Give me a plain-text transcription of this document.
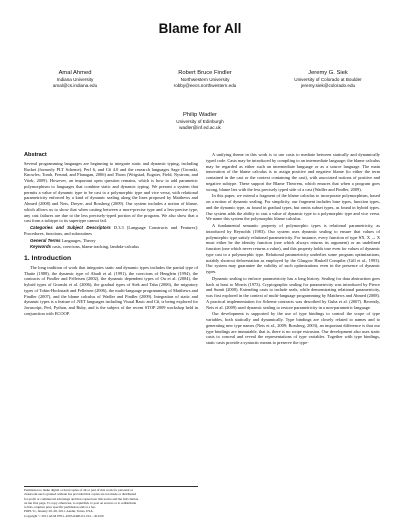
Blame for All
Amal Ahmed
Indiana University
amal@cs.indiana.edu
Robert Bruce Findler
Northwestern University
robby@eecs.northwestern.edu
Jeremy G. Siek
University of Colorado at Boulder
jeremy.siek@colorado.edu
Philip Wadler
University of Edinburgh
wadler@inf.ed.ac.uk
Abstract

Several programming languages are beginning to integrate static and dynamic typing, including Racket (formerly PLT Scheme), Perl 6, and C# 4.0 and the research languages Sage (Gronski, Knowles, Tomb, Freund, and Flanagan, 2006) and Thorn (Wrigstad, Eugster, Field, Nystrom, and Vitek, 2009). However, an important open question remains, which is how to add parametric polymorphism to languages that combine static and dynamic typing. We present a system that permits a value of dynamic type to be cast to a polymorphic type and vice versa, with relational parametricity enforced by a kind of dynamic sealing along the lines proposed by Matthews and Ahmed (2008) and Neis, Dreyer, and Rossberg (2009). Our system includes a notion of blame, which allows us to show that when casting between a more-precise type and a less-precise type, any cast failures are due to the less precisely-typed portion of the program. We also show that a cast from a subtype to its supertype cannot fail.

Categories and Subject Descriptors D.3.3 [Language Constructs and Features]: Procedures, functions, and subroutines

General Terms Languages, Theory

Keywords casts, coercions, blame tracking, lambda-calculus

1. Introduction

The long tradition of work that integrates static and dynamic types includes the partial type of Thatte (1988), the dynamic type of Abadi et al. (1991), the coercions of Henglein (1994), the contracts of Findler and Felleisen (2002), the dynamic dependent types of Ou et al. (2004), the hybrid types of Gronski et al. (2006), the gradual types of Siek and Taha (2006), the migratory types of Tobin-Hochstadt and Felleisen (2006), the multi-language programming of Matthews and Findler (2007), and the blame calculus of Wadler and Findler (2009). Integration of static and dynamic types is a feature of .NET languages including Visual Basic and C#, is being explored for Javascript, Perl, Python, and Ruby, and is the subject of the recent STOP 2009 workshop held in conjunction with ECOOP.

A unifying theme in this work is to use casts to mediate between statically and dynamically typed code. Casts may be introduced by compiling to an intermediate language; the blame calculus may be regarded as either such an intermediate language or as a source language. The main innovation of the blame calculus is to assign positive and negative blame (to either the term contained in the cast or the context containing the cast), with associated notions of positive and negative subtype. These support the Blame Theorem, which ensures that when a program goes wrong, blame lies with the less precisely typed side of a cast (Wadler and Findler, 2009).

In this paper, we extend a fragment of the blame calculus to incorporate polymorphism, based on a notion of dynamic sealing. For simplicity, our fragment includes base types, function types, and the dynamic type, as found in gradual types, but omits subset types, as found in hybrid types. Our system adds the ability to cast a value of dynamic type to a polymorphic type and vice versa. We name this system the polymorphic blame calculus.

A fundamental semantic property of polymorphic types is relational parametricity, as introduced by Reynolds (1983). Our system uses dynamic sealing to ensure that values of polymorphic type satisfy relational parametricity. For instance, every function of type ∀X. X → X must either be the identity function (one which always returns its argument) or an undefined function (one which never returns a value), and this property holds true even for values of dynamic type cast to a polymorphic type. Relational parametricity underlies some program optimizations, notably shortcut deforestation as employed by the Glasgow Haskell Compiler (Gill et al., 1993). Our system may guarantee the validity of such optimizations even in the presence of dynamic types.

Dynamic sealing to enforce parametricity has a long history. Sealing for data abstraction goes back at least to Morris (1973). Cryptographic sealing for parametricity was introduced by Pierce and Sumii (2000). Extending casts to include seals, while demonstrating relational parametricity, was first explored in the context of multi-language programming by Matthews and Ahmed (2008). A practical implementation for Scheme contracts was described by Guha et al. (2007). Recently, Neis et al. (2009) used dynamic sealing to restore parametricity in a non-parametric language.

Our development is supported by the use of type bindings to control the scope of type variables, both statically and dynamically. Type bindings are closely related to names and to generating new type names (Neis et al., 2009; Rossberg, 2003), an important difference is that our type bindings are immutable, that is, there is no scope extrusion. Our development also uses static casts to conceal and reveal the representations of type variables. Together with type bindings, static casts provide a syntactic means to preserve the type-

Permission to make digital or hard copies of all or part of this work for personal or
classroom use is granted without fee provided that copies are not made or distributed
for profit or commercial advantage and that copies bear this notice and the full citation
on the first page. To copy otherwise, to republish, to post on servers or to redistribute
to lists, requires prior specific permission and/or a fee.
POPL'11, January 26–28, 2011, Austin, Texas, USA.
Copyright © 2011 ACM 978-1-4503-0490-0/11/01... $10.00
